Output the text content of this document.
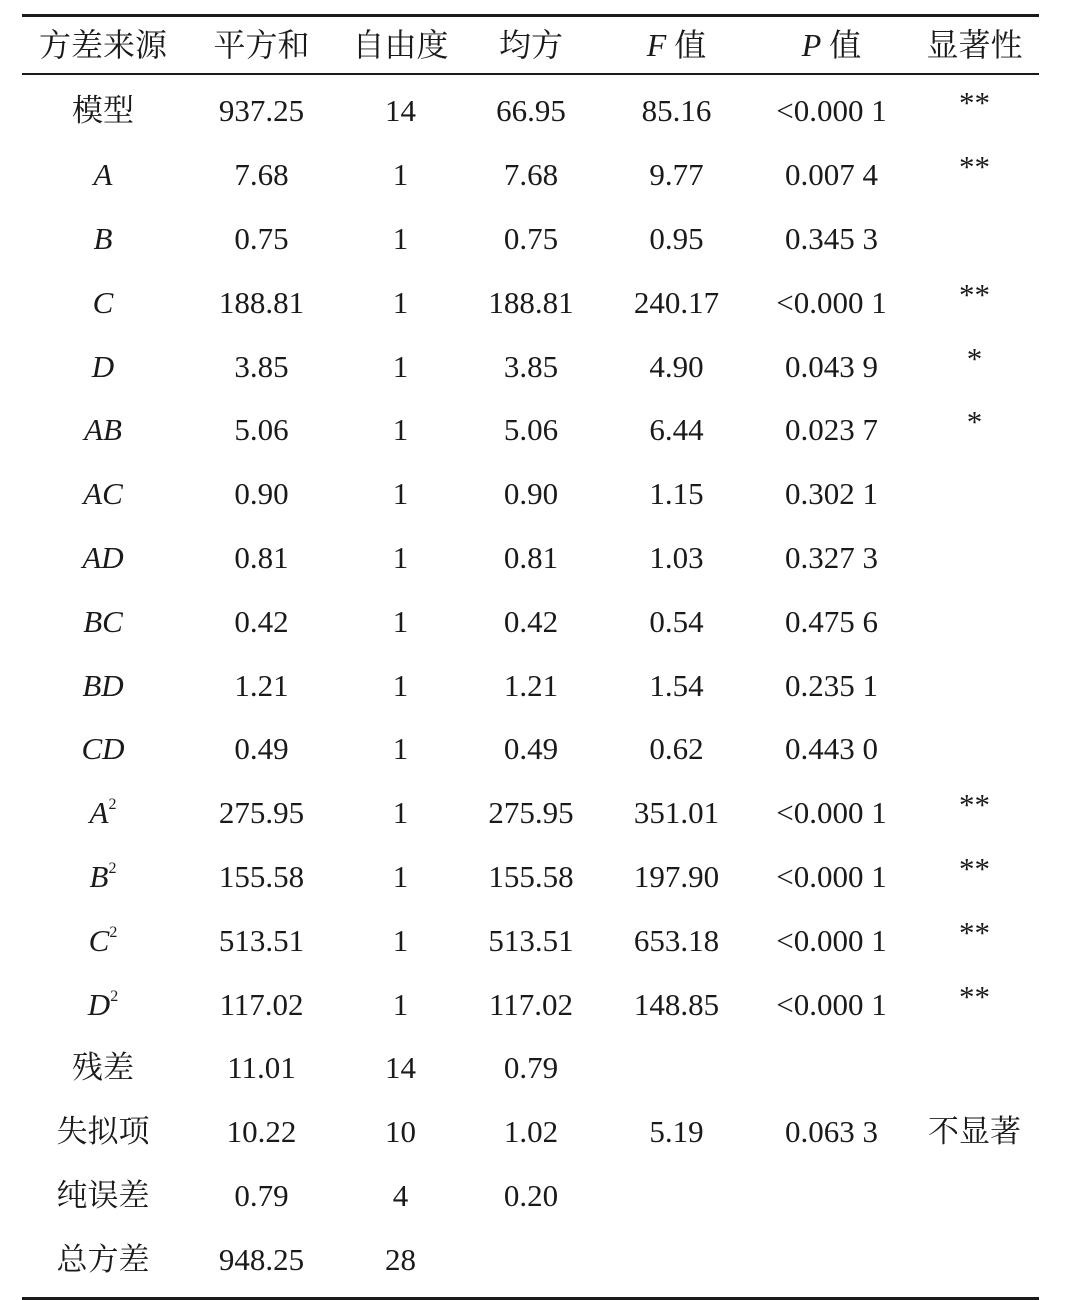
方差来源	平方和	自由度	均方	F 值	P 值	显著性
模型	937.25	14	66.95	85.16	<0.000 1	**
A	7.68	1	7.68	9.77	0.007 4	**
B	0.75	1	0.75	0.95	0.345 3
C	188.81	1	188.81	240.17	<0.000 1	**
D	3.85	1	3.85	4.90	0.043 9	*
AB	5.06	1	5.06	6.44	0.023 7	*
AC	0.90	1	0.90	1.15	0.302 1
AD	0.81	1	0.81	1.03	0.327 3
BC	0.42	1	0.42	0.54	0.475 6
BD	1.21	1	1.21	1.54	0.235 1
CD	0.49	1	0.49	0.62	0.443 0
$A^2$	275.95	1	275.95	351.01	<0.000 1	**
$B^2$	155.58	1	155.58	197.90	<0.000 1	**
$C^2$	513.51	1	513.51	653.18	<0.000 1	**
$D^2$	117.02	1	117.02	148.85	<0.000 1	**
残差	11.01	14	0.79
失拟项	10.22	10	1.02	5.19	0.063 3	不显著
纯误差	0.79	4	0.20
总方差	948.25	28
